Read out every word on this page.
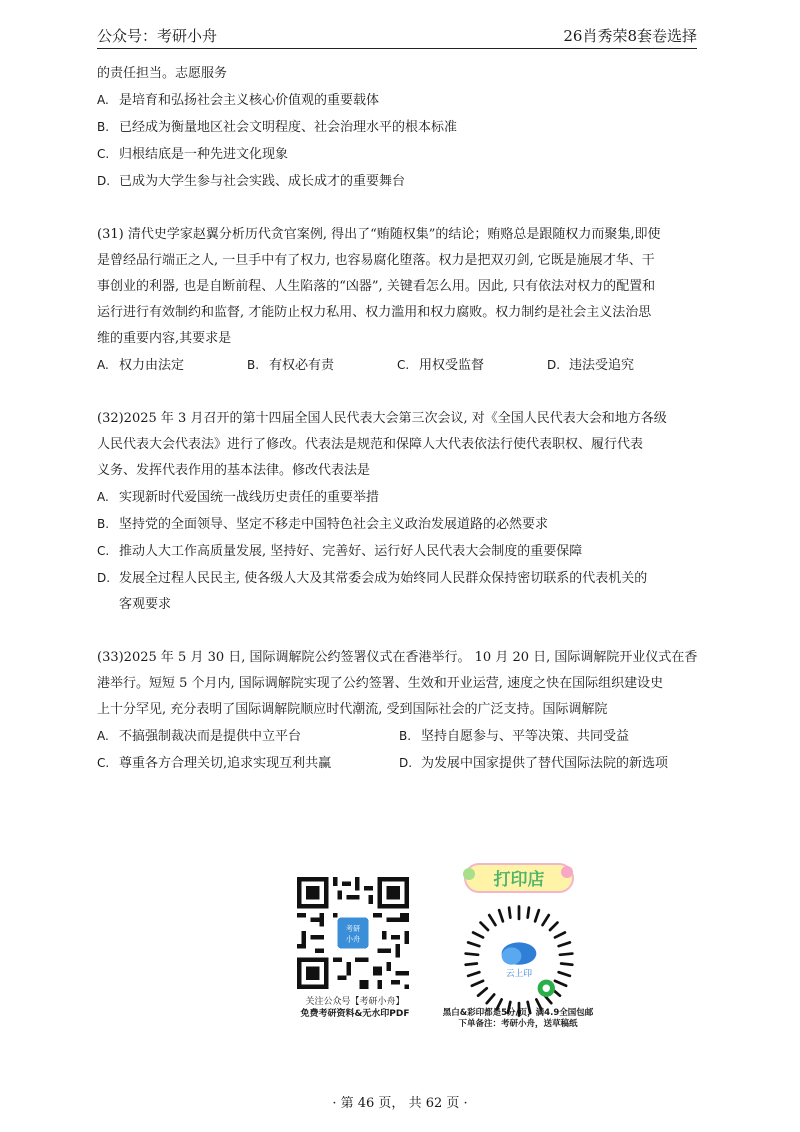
公众号：考研小舟	26肖秀荣8套卷选择

的责任担当。志愿服务

A. 是培育和弘扬社会主义核心价值观的重要载体

B. 已经成为衡量地区社会文明程度、社会治理水平的根本标准

C. 归根结底是一种先进文化现象

D. 已成为大学生参与社会实践、成长成才的重要舞台

(31) 清代史学家赵翼分析历代贪官案例, 得出了“贿随权集”的结论；贿赂总是跟随权力而聚集,即使

是曾经品行端正之人, 一旦手中有了权力, 也容易腐化堕落。权力是把双刃剑, 它既是施展才华、干

事创业的利器, 也是自断前程、人生陷落的“凶器”, 关键看怎么用。因此, 只有依法对权力的配置和

运行进行有效制约和监督, 才能防止权力私用、权力滥用和权力腐败。权力制约是社会主义法治思

维的重要内容,其要求是

A. 权力由法定	B. 有权必有责	C. 用权受监督	D. 违法受追究

(32)2025 年 3 月召开的第十四届全国人民代表大会第三次会议, 对《全国人民代表大会和地方各级

人民代表大会代表法》进行了修改。代表法是规范和保障人大代表依法行使代表职权、履行代表

义务、发挥代表作用的基本法律。修改代表法是

A. 实现新时代爱国统一战线历史责任的重要举措

B. 坚持党的全面领导、坚定不移走中国特色社会主义政治发展道路的必然要求

C. 推动人大工作高质量发展, 坚持好、完善好、运行好人民代表大会制度的重要保障

D. 发展全过程人民民主, 使各级人大及其常委会成为始终同人民群众保持密切联系的代表机关的

客观要求

(33)2025 年 5 月 30 日, 国际调解院公约签署仪式在香港举行。 10 月 20 日, 国际调解院开业仪式在香

港举行。短短 5 个月内, 国际调解院实现了公约签署、生效和开业运营, 速度之快在国际组织建设史

上十分罕见, 充分表明了国际调解院顺应时代潮流, 受到国际社会的广泛支持。国际调解院

A. 不搞强制裁决而是提供中立平台	B. 坚持自愿参与、平等决策、共同受益

C. 尊重各方合理关切,追求实现互利共赢	D. 为发展中国家提供了替代国际法院的新选项

考研
小舟
关注公众号【考研小舟】
免费考研资料&无水印PDF
打印店
云上印
黑白&彩印都是5分/页，满4.9全国包邮
下单备注：考研小舟，送草稿纸
· 第 46 页， 共 62 页 ·
